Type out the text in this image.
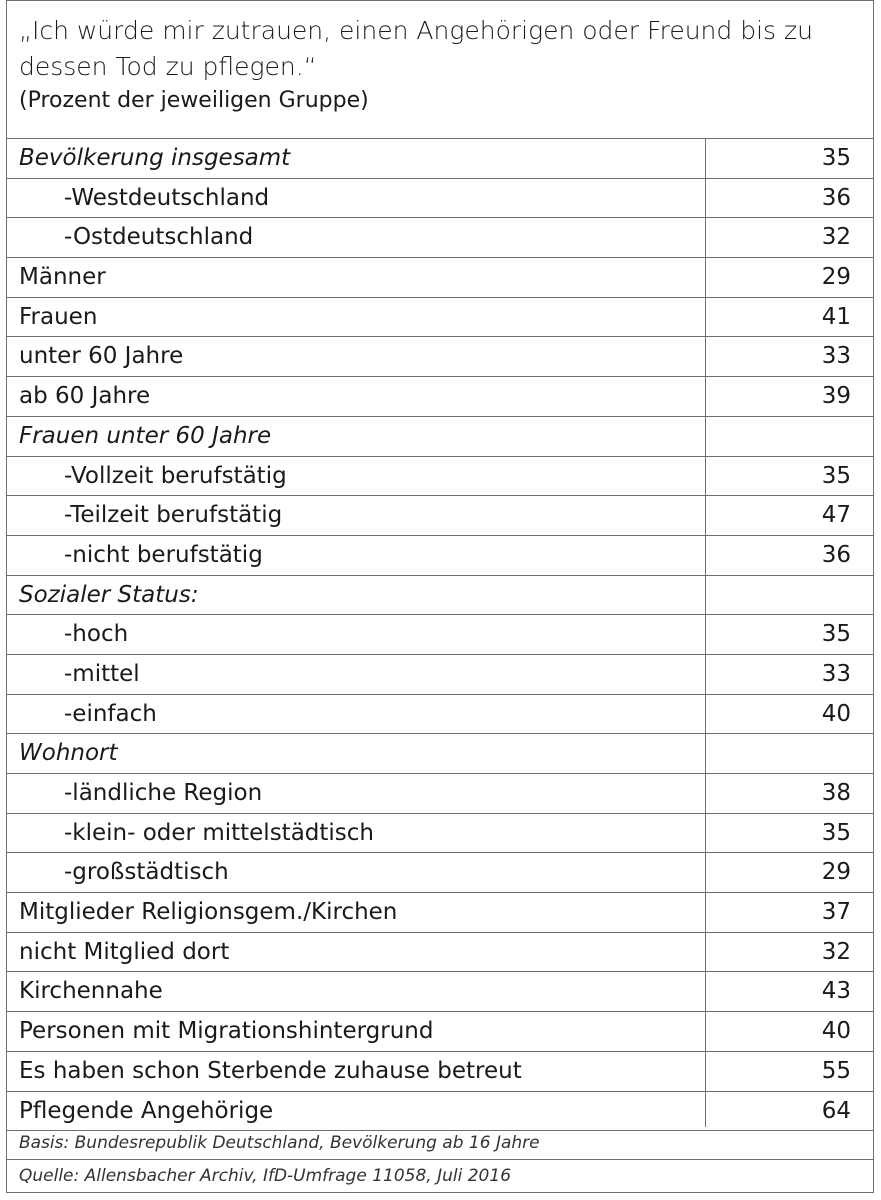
„Ich würde mir zutrauen, einen Angehörigen oder Freund bis zu
dessen Tod zu pflegen.“
(Prozent der jeweiligen Gruppe)
Bevölkerung insgesamt	35
-Westdeutschland	36
-Ostdeutschland	32
Männer	29
Frauen	41
unter 60 Jahre	33
ab 60 Jahre	39
Frauen unter 60 Jahre
-Vollzeit berufstätig	35
-Teilzeit berufstätig	47
-nicht berufstätig	36
Sozialer Status:
-hoch	35
-mittel	33
-einfach	40
Wohnort
-ländliche Region	38
-klein- oder mittelstädtisch	35
-großstädtisch	29
Mitglieder Religionsgem./Kirchen	37
nicht Mitglied dort	32
Kirchennahe	43
Personen mit Migrationshintergrund	40
Es haben schon Sterbende zuhause betreut	55
Pflegende Angehörige	64
Basis: Bundesrepublik Deutschland, Bevölkerung ab 16 Jahre
Quelle: Allensbacher Archiv, IfD-Umfrage 11058, Juli 2016
